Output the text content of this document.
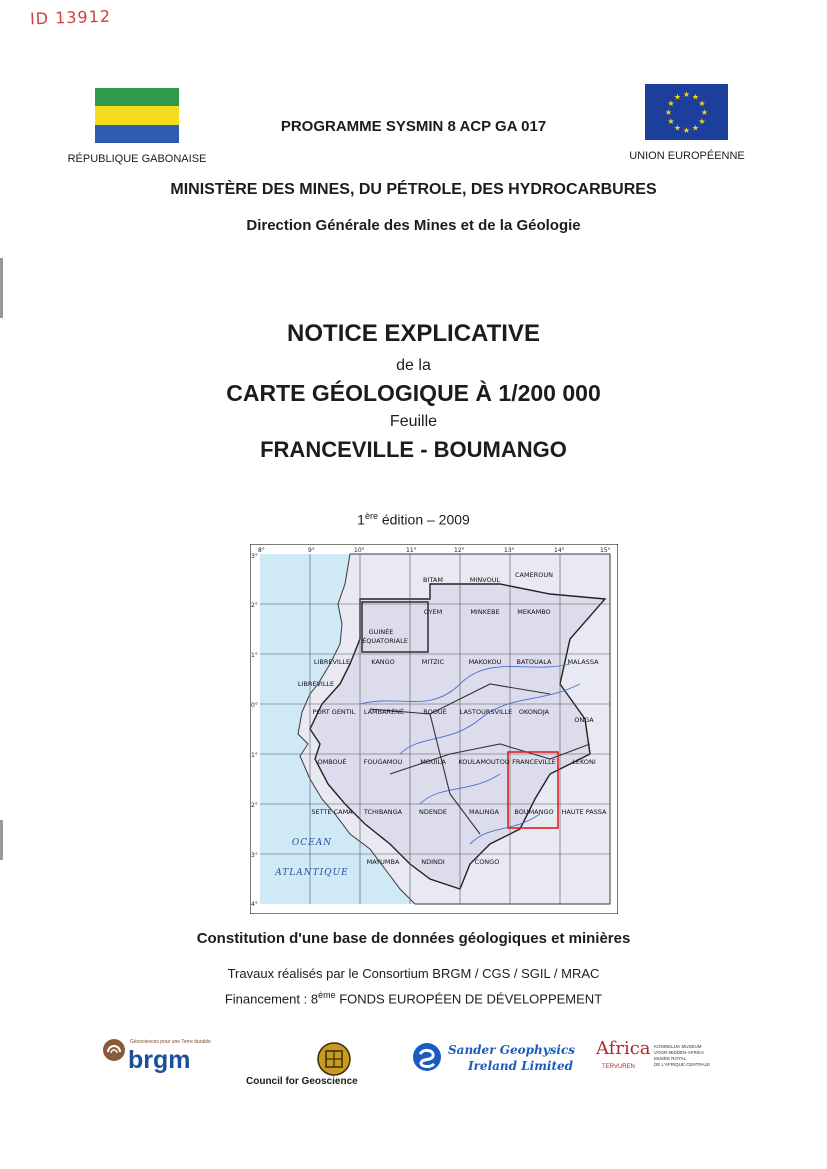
ID 13912
RÉPUBLIQUE GABONAISE
★ ★
★
★
★
★
★
★
★
★
★
★
UNION EUROPÉENNE
PROGRAMME SYSMIN 8 ACP GA 017
MINISTÈRE DES MINES, DU PÉTROLE, DES HYDROCARBURES
Direction Générale des Mines et de la Géologie
NOTICE EXPLICATIVE
de la
CARTE GÉOLOGIQUE À 1/200 000
Feuille
FRANCEVILLE - BOUMANGO
1ère édition – 2009
8°	9°	10°	11°	12°	13°	14°	15°
3°
2°
1°
0°
1°
2°
3°
4°
BITAM	MINVOUL
CAMEROUN
OYEM	MINKEBE	MEKAMBO
GUINÉE
ÉQUATORIALE
LIBREVILLE	KANGO	MITZIC	MAKOKOU BATOUALA MALASSA
LIBREVILLE
PORT GENTIL LAMBARÉNÉ	BOOUÉ LASTOURSVILLE OKONDJA
ONGA
OMBOUÉ	FOUGAMOU	MOUILA KOULAMOUTOU FRANCEVILLE	LEKONI
SETTE CAMA TCHIBANGA	NDENDE	MALINGA BOUMANGO HAUTE PASSA
MAYUMBA	NDINDI	CONGO
OCEAN
ATLANTIQUE
Constitution d'une base de données géologiques et minières
Travaux réalisés par le Consortium BRGM / CGS / SGIL / MRAC
Financement : 8ème FONDS EUROPÉEN DE DÉVELOPPEMENT
Géosciences pour une Terre durable
brgm
Council for Geoscience
Sander Geophysics
Ireland Limited
Africa
TERVUREN
KONINKLIJK MUSEUM
VOOR MIDDEN-AFRIKA
MUSÉE ROYAL
DE L'AFRIQUE CENTRALE
